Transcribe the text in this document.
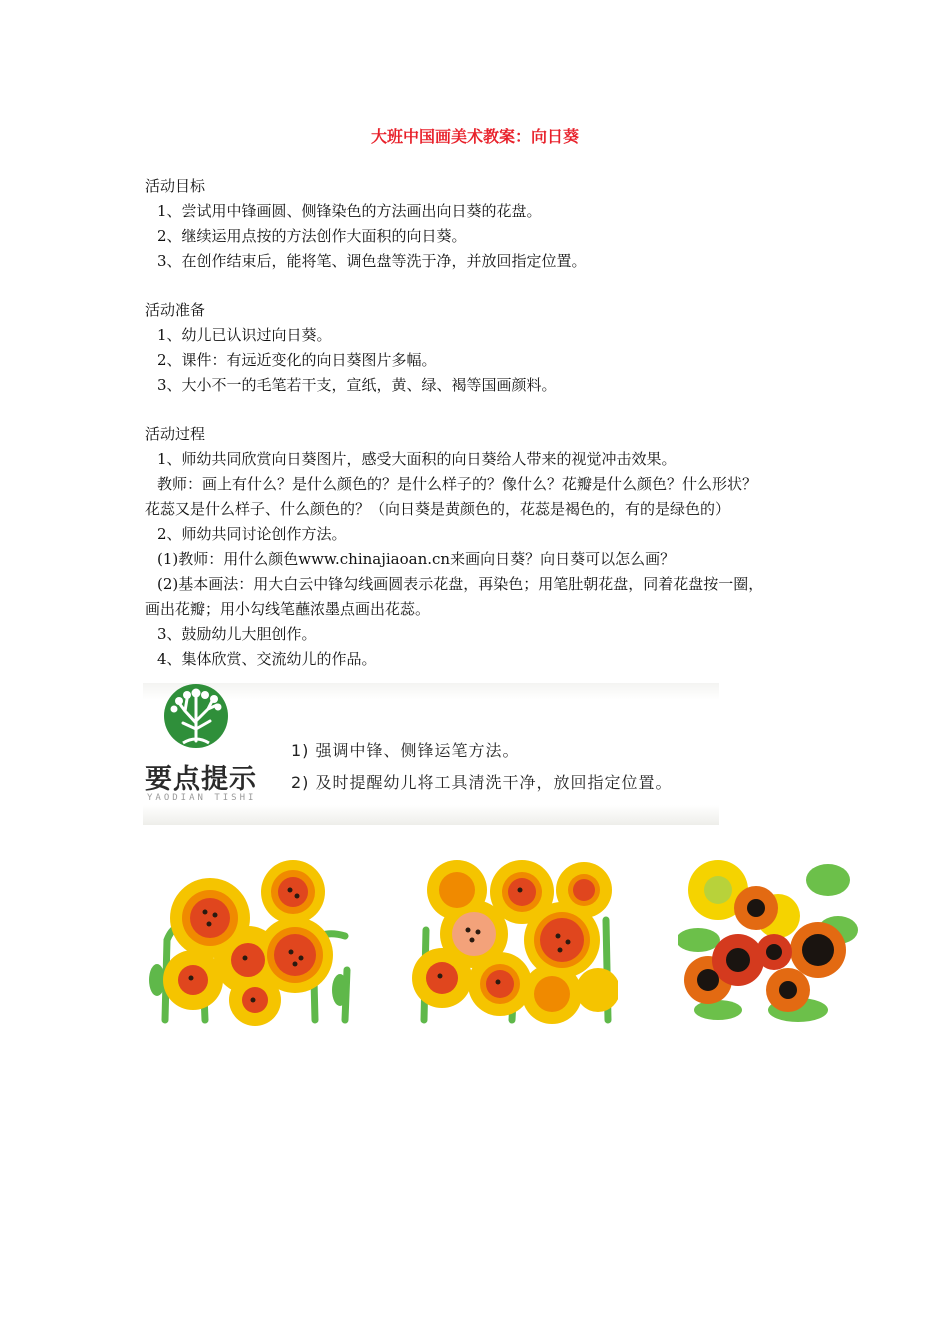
大班中国画美术教案：向日葵

活动目标

1、尝试用中锋画圆、侧锋染色的方法画出向日葵的花盘。

2、继续运用点按的方法创作大面积的向日葵。

3、在创作结束后，能将笔、调色盘等洗于净，并放回指定位置。

活动准备

1、幼儿已认识过向日葵。

2、课件：有远近变化的向日葵图片多幅。

3、大小不一的毛笔若干支，宣纸，黄、绿、褐等国画颜料。

活动过程

1、师幼共同欣赏向日葵图片，感受大面积的向日葵给人带来的视觉冲击效果。

教师：画上有什么？是什么颜色的？是什么样子的？像什么？花瓣是什么颜色？什么形状？

花蕊又是什么样子、什么颜色的？（向日葵是黄颜色的，花蕊是褐色的，有的是绿色的）

2、师幼共同讨论创作方法。

(1)教师：用什么颜色www.chinajiaoan.cn来画向日葵？向日葵可以怎么画？

(2)基本画法：用大白云中锋勾线画圆表示花盘，再染色；用笔肚朝花盘，同着花盘按一圈，

画出花瓣；用小勾线笔蘸浓墨点画出花蕊。

3、鼓励幼儿大胆创作。

4、集体欣赏、交流幼儿的作品。

要点提示
YAODIAN TISHI
1) 强调中锋、侧锋运笔方法。
2) 及时提醒幼儿将工具清洗干净，放回指定位置。
